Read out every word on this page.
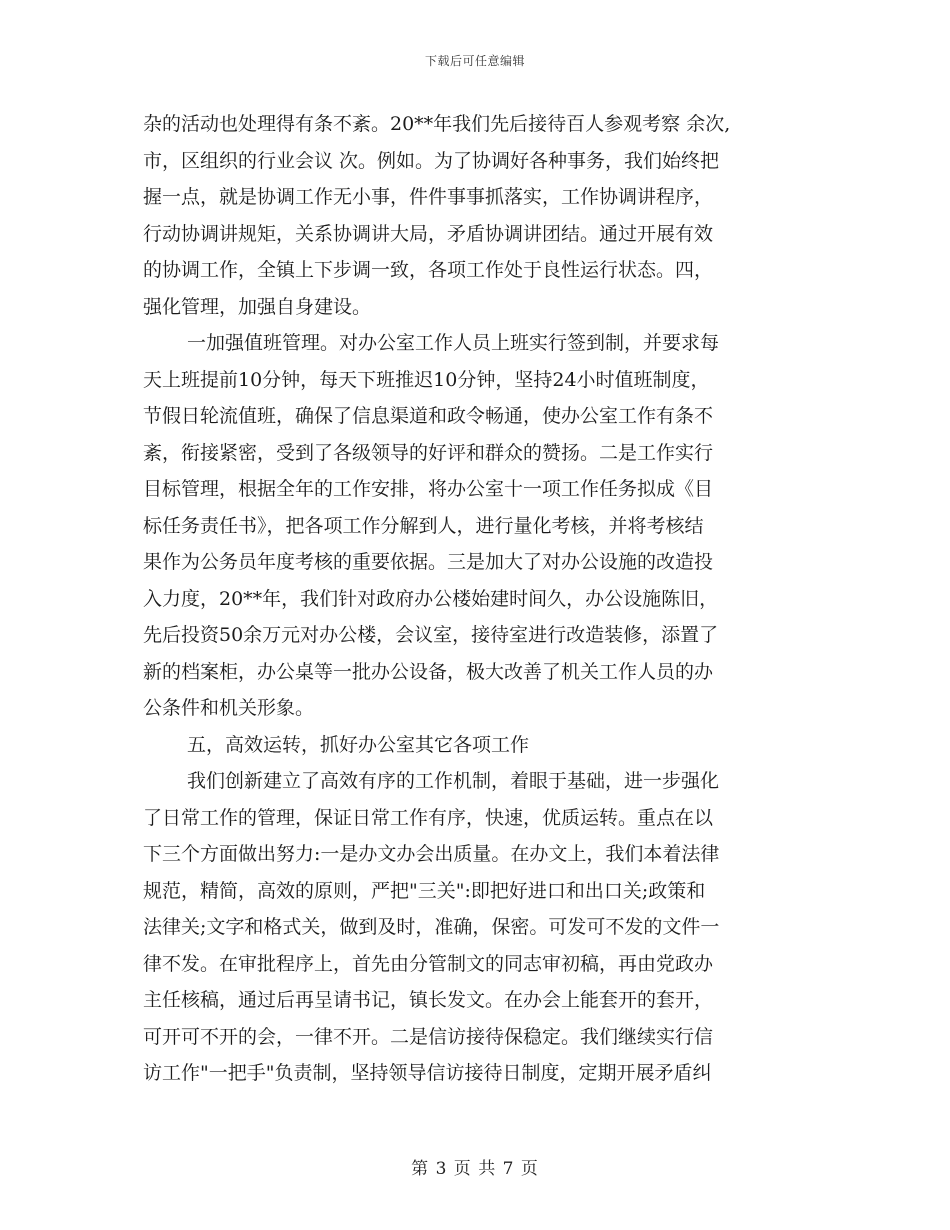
下载后可任意编辑
杂的活动也处理得有条不紊。20**年我们先后接待百人参观考察 余次,
市，区组织的行业会议 次。例如。为了协调好各种事务，我们始终把
握一点，就是协调工作无小事，件件事事抓落实，工作协调讲程序，
行动协调讲规矩，关系协调讲大局，矛盾协调讲团结。通过开展有效
的协调工作，全镇上下步调一致，各项工作处于良性运行状态。四，
强化管理，加强自身建设。
一加强值班管理。对办公室工作人员上班实行签到制，并要求每
天上班提前10分钟，每天下班推迟10分钟，坚持24小时值班制度，
节假日轮流值班，确保了信息渠道和政令畅通，使办公室工作有条不
紊，衔接紧密，受到了各级领导的好评和群众的赞扬。二是工作实行
目标管理，根据全年的工作安排，将办公室十一项工作任务拟成《目
标任务责任书》，把各项工作分解到人，进行量化考核，并将考核结
果作为公务员年度考核的重要依据。三是加大了对办公设施的改造投
入力度，20**年，我们针对政府办公楼始建时间久，办公设施陈旧，
先后投资50余万元对办公楼，会议室，接待室进行改造装修，添置了
新的档案柜，办公桌等一批办公设备，极大改善了机关工作人员的办
公条件和机关形象。
五，高效运转，抓好办公室其它各项工作
我们创新建立了高效有序的工作机制，着眼于基础，进一步强化
了日常工作的管理，保证日常工作有序，快速，优质运转。重点在以
下三个方面做出努力:一是办文办会出质量。在办文上，我们本着法律
规范，精简，高效的原则，严把"三关":即把好进口和出口关;政策和
法律关;文字和格式关，做到及时，准确，保密。可发可不发的文件一
律不发。在审批程序上，首先由分管制文的同志审初稿，再由党政办
主任核稿，通过后再呈请书记，镇长发文。在办会上能套开的套开，
可开可不开的会，一律不开。二是信访接待保稳定。我们继续实行信
访工作"一把手"负责制，坚持领导信访接待日制度，定期开展矛盾纠
第 3 页 共 7 页
